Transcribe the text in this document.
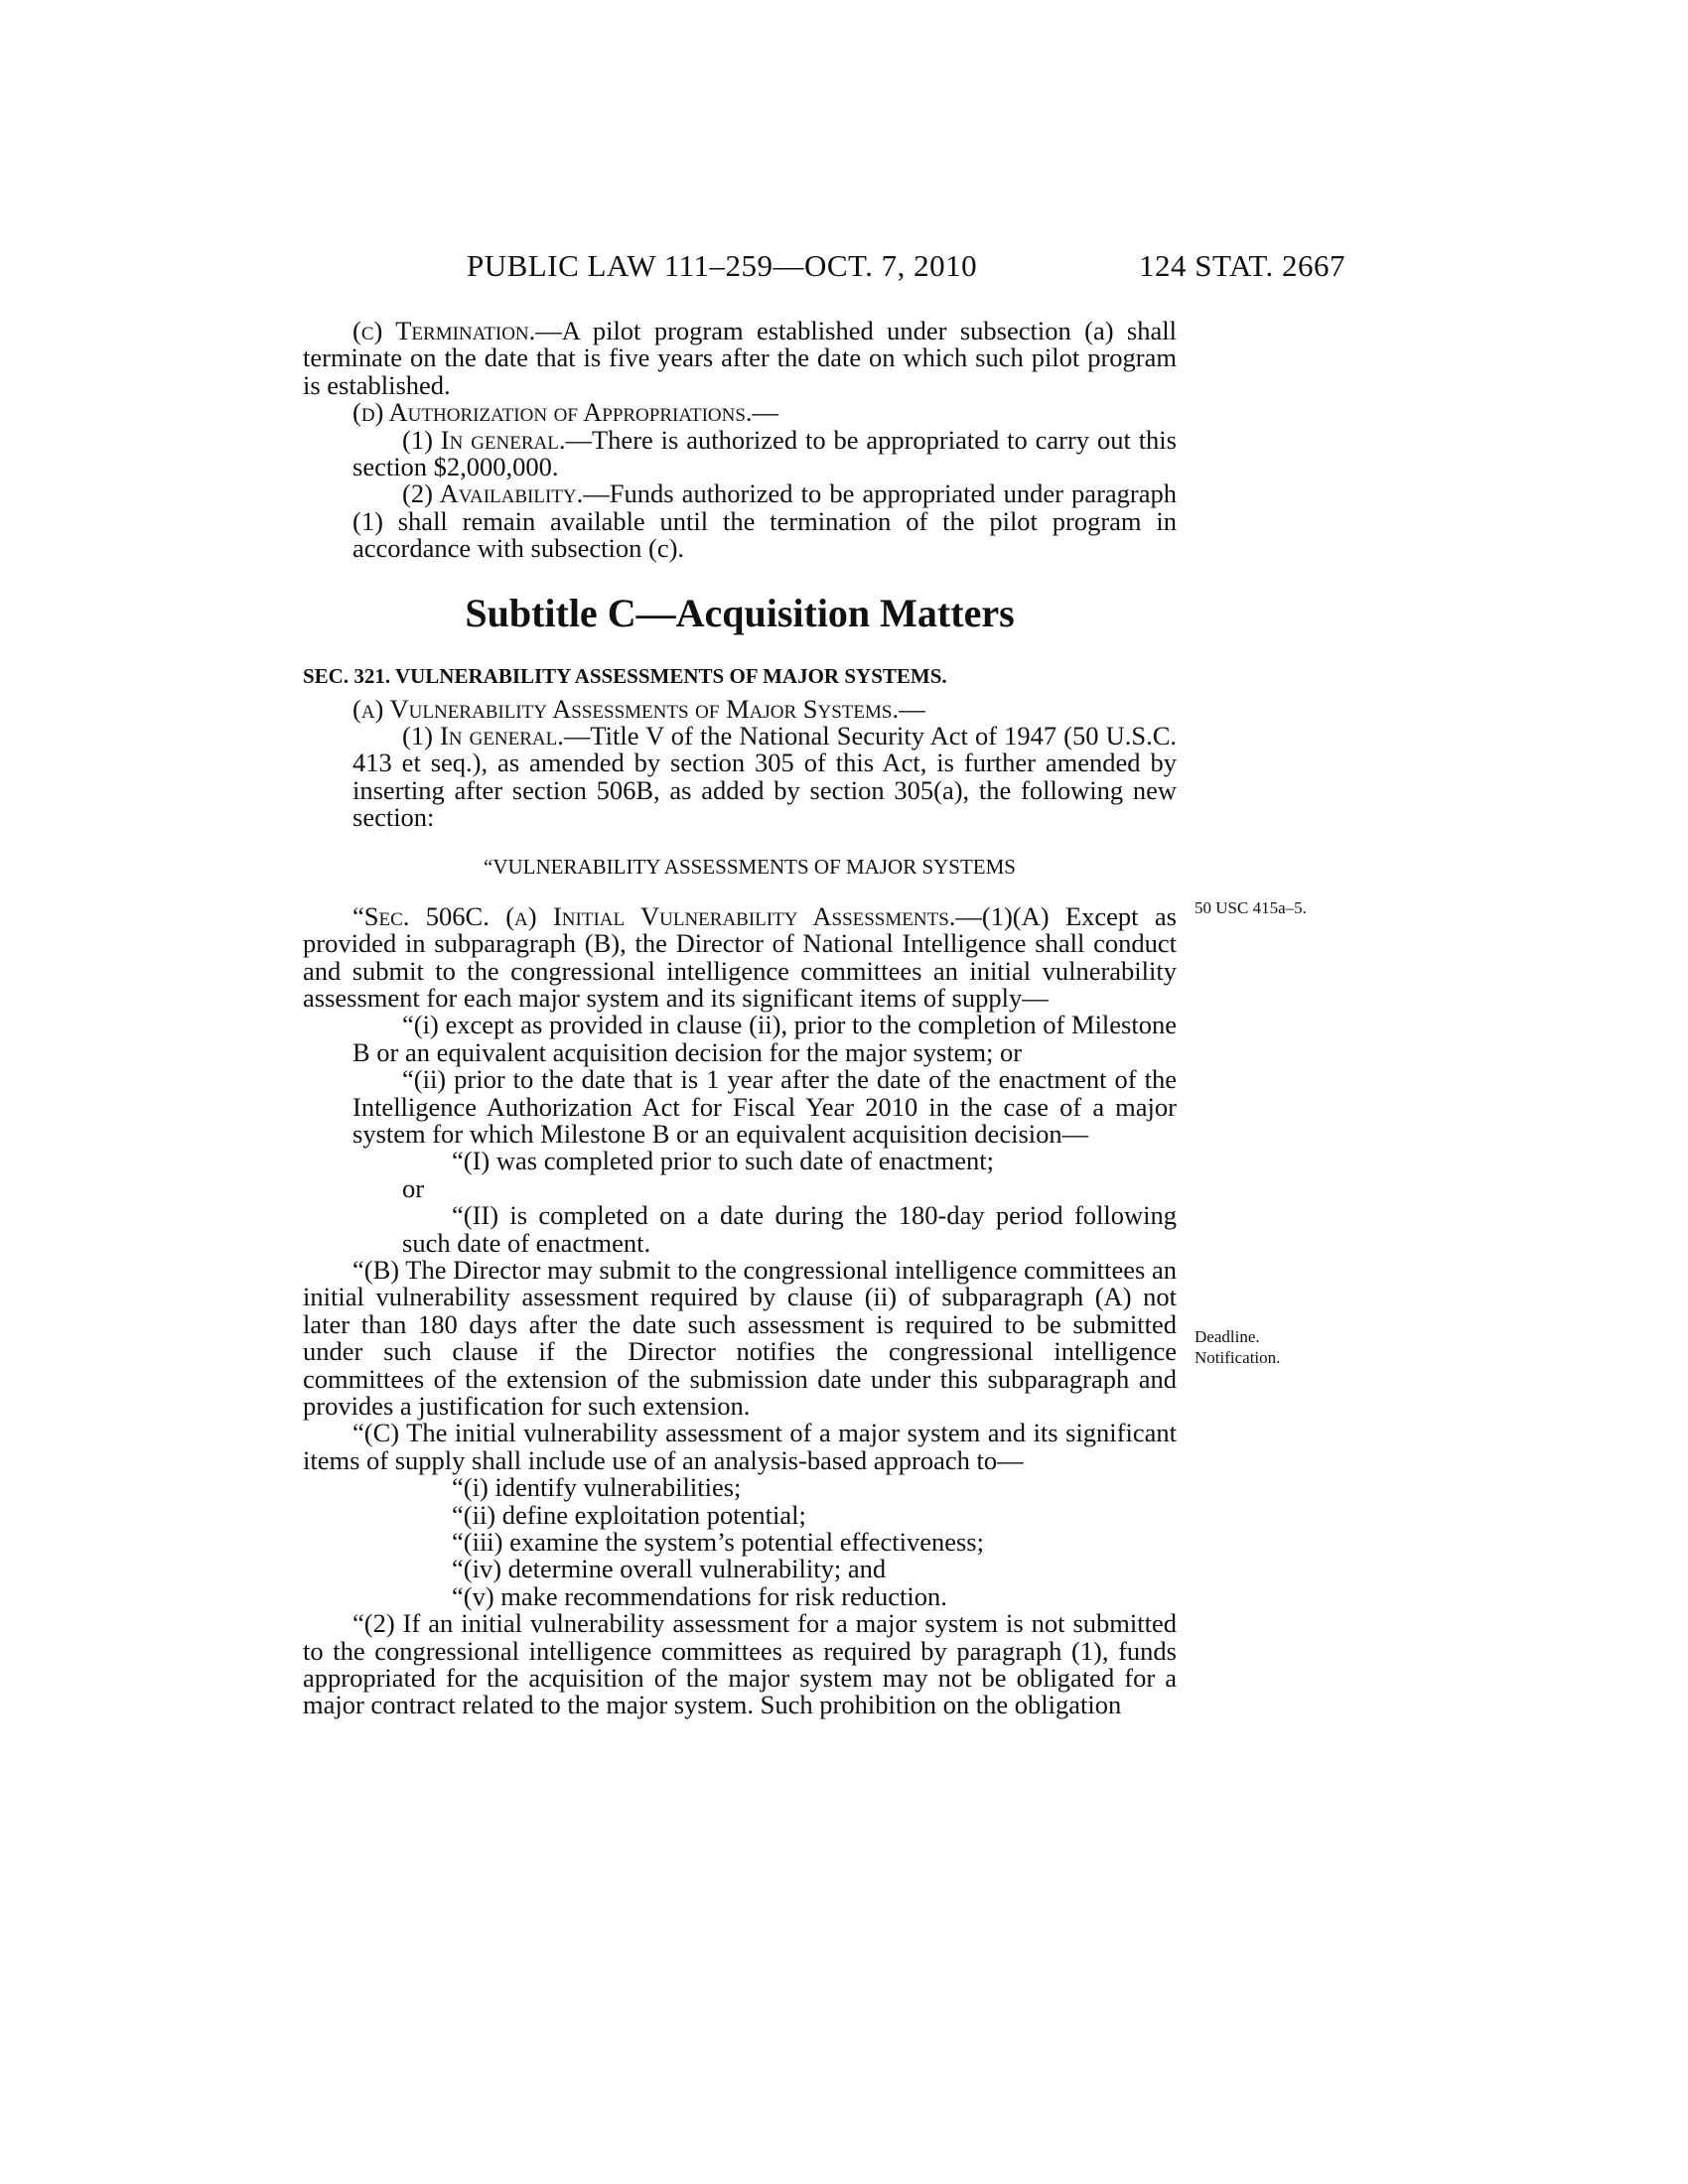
PUBLIC LAW 111–259—OCT. 7, 2010	124 STAT. 2667

(c) Termination.—A pilot program established under subsection (a) shall terminate on the date that is five years after the date on which such pilot program is established.

(d) Authorization of Appropriations.—

(1) In general.—There is authorized to be appropriated to carry out this section $2,000,000.

(2) Availability.—Funds authorized to be appropriated under paragraph (1) shall remain available until the termination of the pilot program in accordance with subsection (c).

Subtitle C—Acquisition Matters
SEC. 321. VULNERABILITY ASSESSMENTS OF MAJOR SYSTEMS.

(a) Vulnerability Assessments of Major Systems.—

(1) In general.—Title V of the National Security Act of 1947 (50 U.S.C. 413 et seq.), as amended by section 305 of this Act, is further amended by inserting after section 506B, as added by section 305(a), the following new section:

“VULNERABILITY ASSESSMENTS OF MAJOR SYSTEMS

“Sec. 506C. (a) Initial Vulnerability Assessments.—(1)(A) Except as provided in subparagraph (B), the Director of National Intelligence shall conduct and submit to the congressional intelligence committees an initial vulnerability assessment for each major system and its significant items of supply—

“(i) except as provided in clause (ii), prior to the completion of Milestone B or an equivalent acquisition decision for the major system; or

“(ii) prior to the date that is 1 year after the date of the enactment of the Intelligence Authorization Act for Fiscal Year 2010 in the case of a major system for which Milestone B or an equivalent acquisition decision—

“(I) was completed prior to such date of enactment;

or

“(II) is completed on a date during the 180-day period following such date of enactment.

“(B) The Director may submit to the congressional intelligence committees an initial vulnerability assessment required by clause (ii) of subparagraph (A) not later than 180 days after the date such assessment is required to be submitted under such clause if the Director notifies the congressional intelligence committees of the extension of the submission date under this subparagraph and provides a justification for such extension.

“(C) The initial vulnerability assessment of a major system and its significant items of supply shall include use of an analysis-based approach to—

“(i) identify vulnerabilities;

“(ii) define exploitation potential;

“(iii) examine the system’s potential effectiveness;

“(iv) determine overall vulnerability; and

“(v) make recommendations for risk reduction.

“(2) If an initial vulnerability assessment for a major system is not submitted to the congressional intelligence committees as required by paragraph (1), funds appropriated for the acquisition of the major system may not be obligated for a major contract related to the major system. Such prohibition on the obligation

50 USC 415a–5.
Deadline.
Notification.
